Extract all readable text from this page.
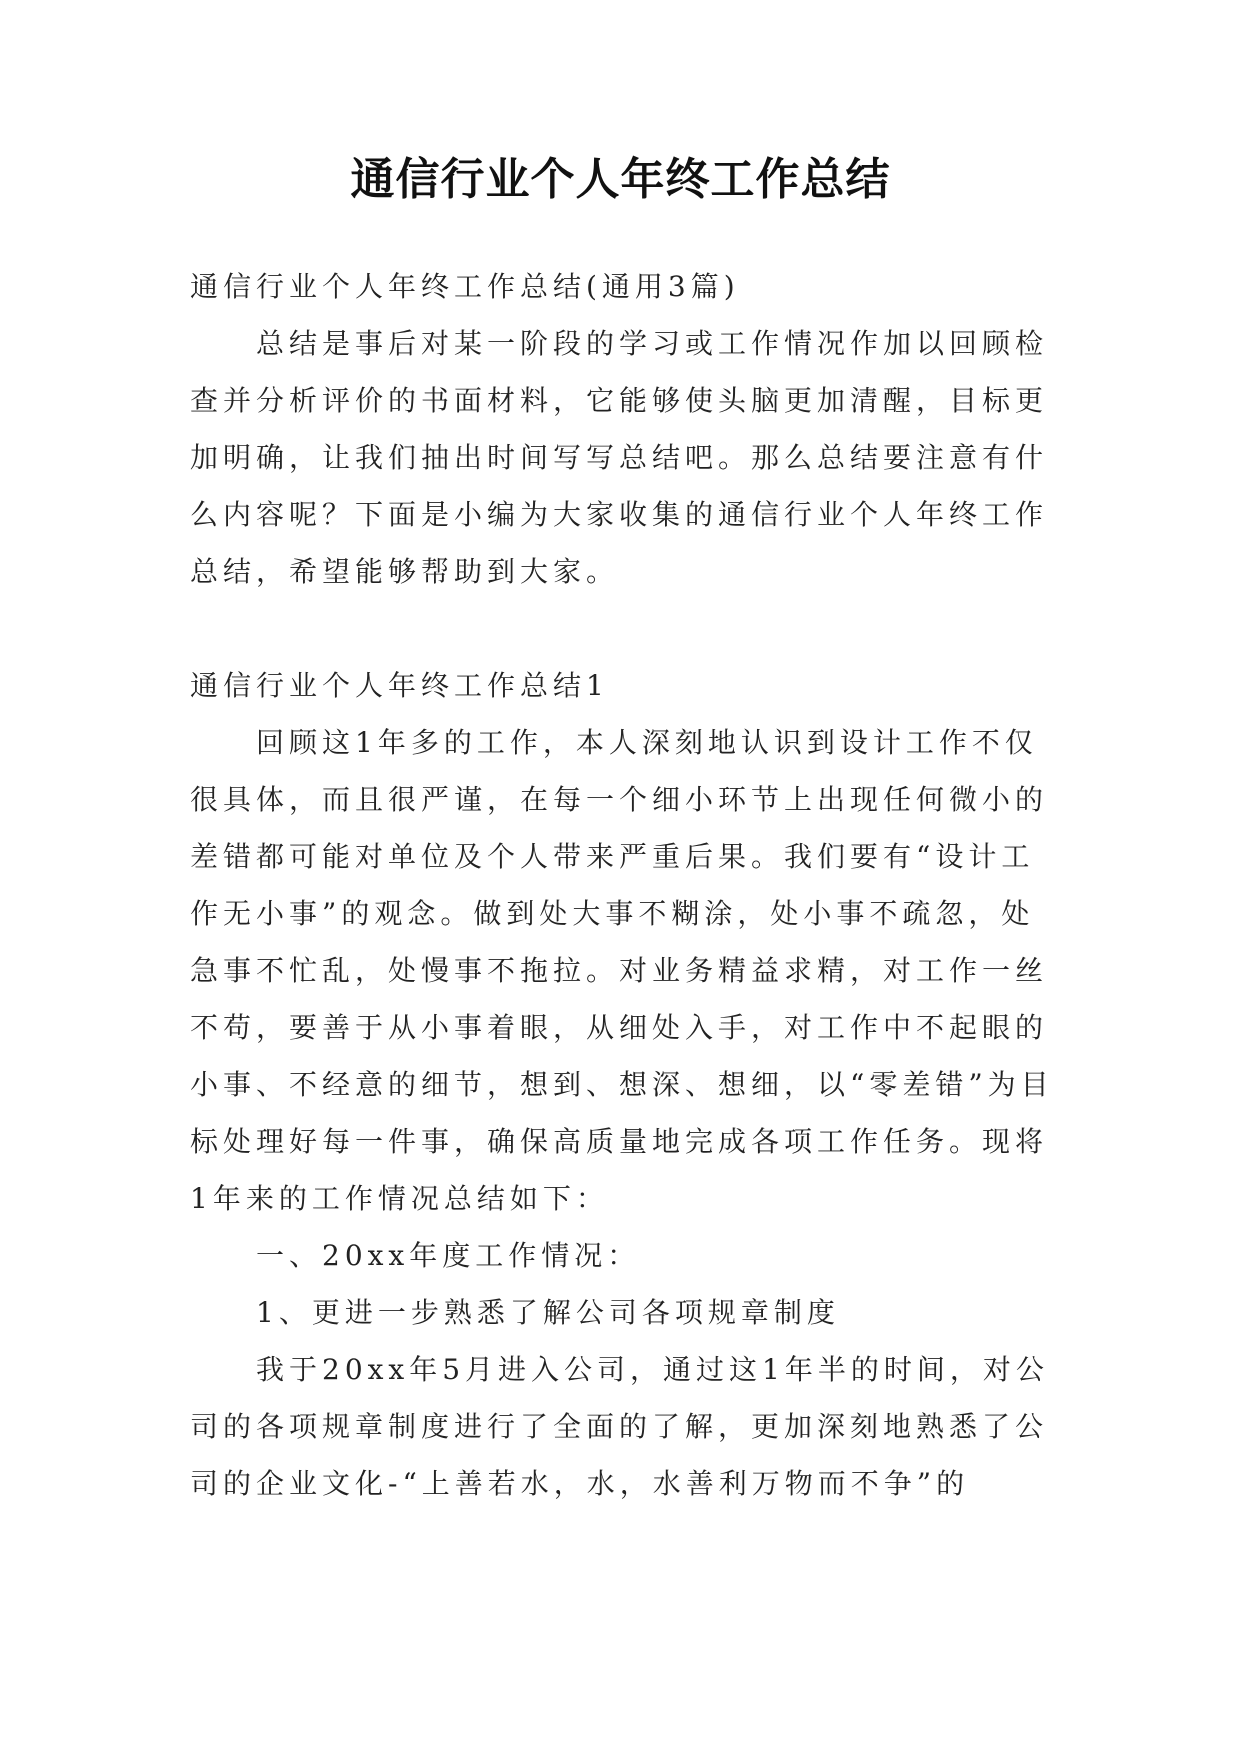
通信行业个人年终工作总结

通信行业个人年终工作总结(通用3篇)

总结是事后对某一阶段的学习或工作情况作加以回顾检查并分析评价的书面材料，它能够使头脑更加清醒，目标更加明确，让我们抽出时间写写总结吧。那么总结要注意有什么内容呢？下面是小编为大家收集的通信行业个人年终工作总结，希望能够帮助到大家。

通信行业个人年终工作总结1

回顾这1年多的工作，本人深刻地认识到设计工作不仅很具体，而且很严谨，在每一个细小环节上出现任何微小的差错都可能对单位及个人带来严重后果。我们要有“设计工作无小事”的观念。做到处大事不糊涂，处小事不疏忽，处急事不忙乱，处慢事不拖拉。对业务精益求精，对工作一丝不苟，要善于从小事着眼，从细处入手，对工作中不起眼的小事、不经意的细节，想到、想深、想细，以“零差错”为目标处理好每一件事，确保高质量地完成各项工作任务。现将1年来的工作情况总结如下：

一、20xx年度工作情况：

1、更进一步熟悉了解公司各项规章制度

我于20xx年5月进入公司，通过这1年半的时间，对公司的各项规章制度进行了全面的了解，更加深刻地熟悉了公司的企业文化-“上善若水，水，水善利万物而不争”的
